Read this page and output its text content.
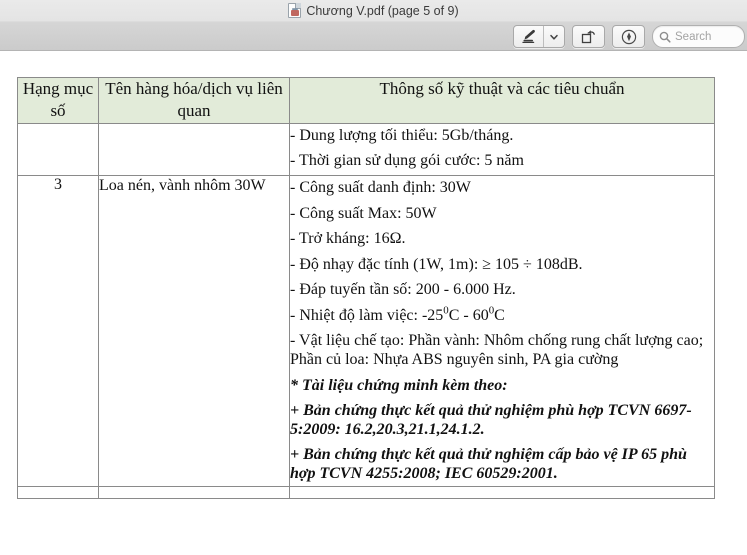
Chương V.pdf (page 5 of 9)
Search
Hạng mục số	Tên hàng hóa/dịch vụ liên quan	Thông số kỹ thuật và các tiêu chuẩn

		- Dung lượng tối thiểu: 5Gb/tháng.

- Thời gian sử dụng gói cước: 5 năm

3	Loa nén, vành nhôm 30W	- Công suất danh định: 30W

- Công suất Max: 50W

- Trở kháng: 16Ω.

- Độ nhạy đặc tính (1W, 1m): ≥ 105 ÷ 108dB.

- Đáp tuyến tần số: 200 - 6.000 Hz.

- Nhiệt độ làm việc: $-25^0C - 60^0C$

- Vật liệu chế tạo: Phần vành: Nhôm chống rung chất lượng cao; Phần củ loa: Nhựa ABS nguyên sinh, PA gia cường

* Tài liệu chứng minh kèm theo:

+ Bản chứng thực kết quả thử nghiệm phù hợp TCVN 6697-5:2009: 16.2,20.3,21.1,24.1.2.

+ Bản chứng thực kết quả thử nghiệm cấp bảo vệ IP 65 phù hợp TCVN 4255:2008; IEC 60529:2001.
